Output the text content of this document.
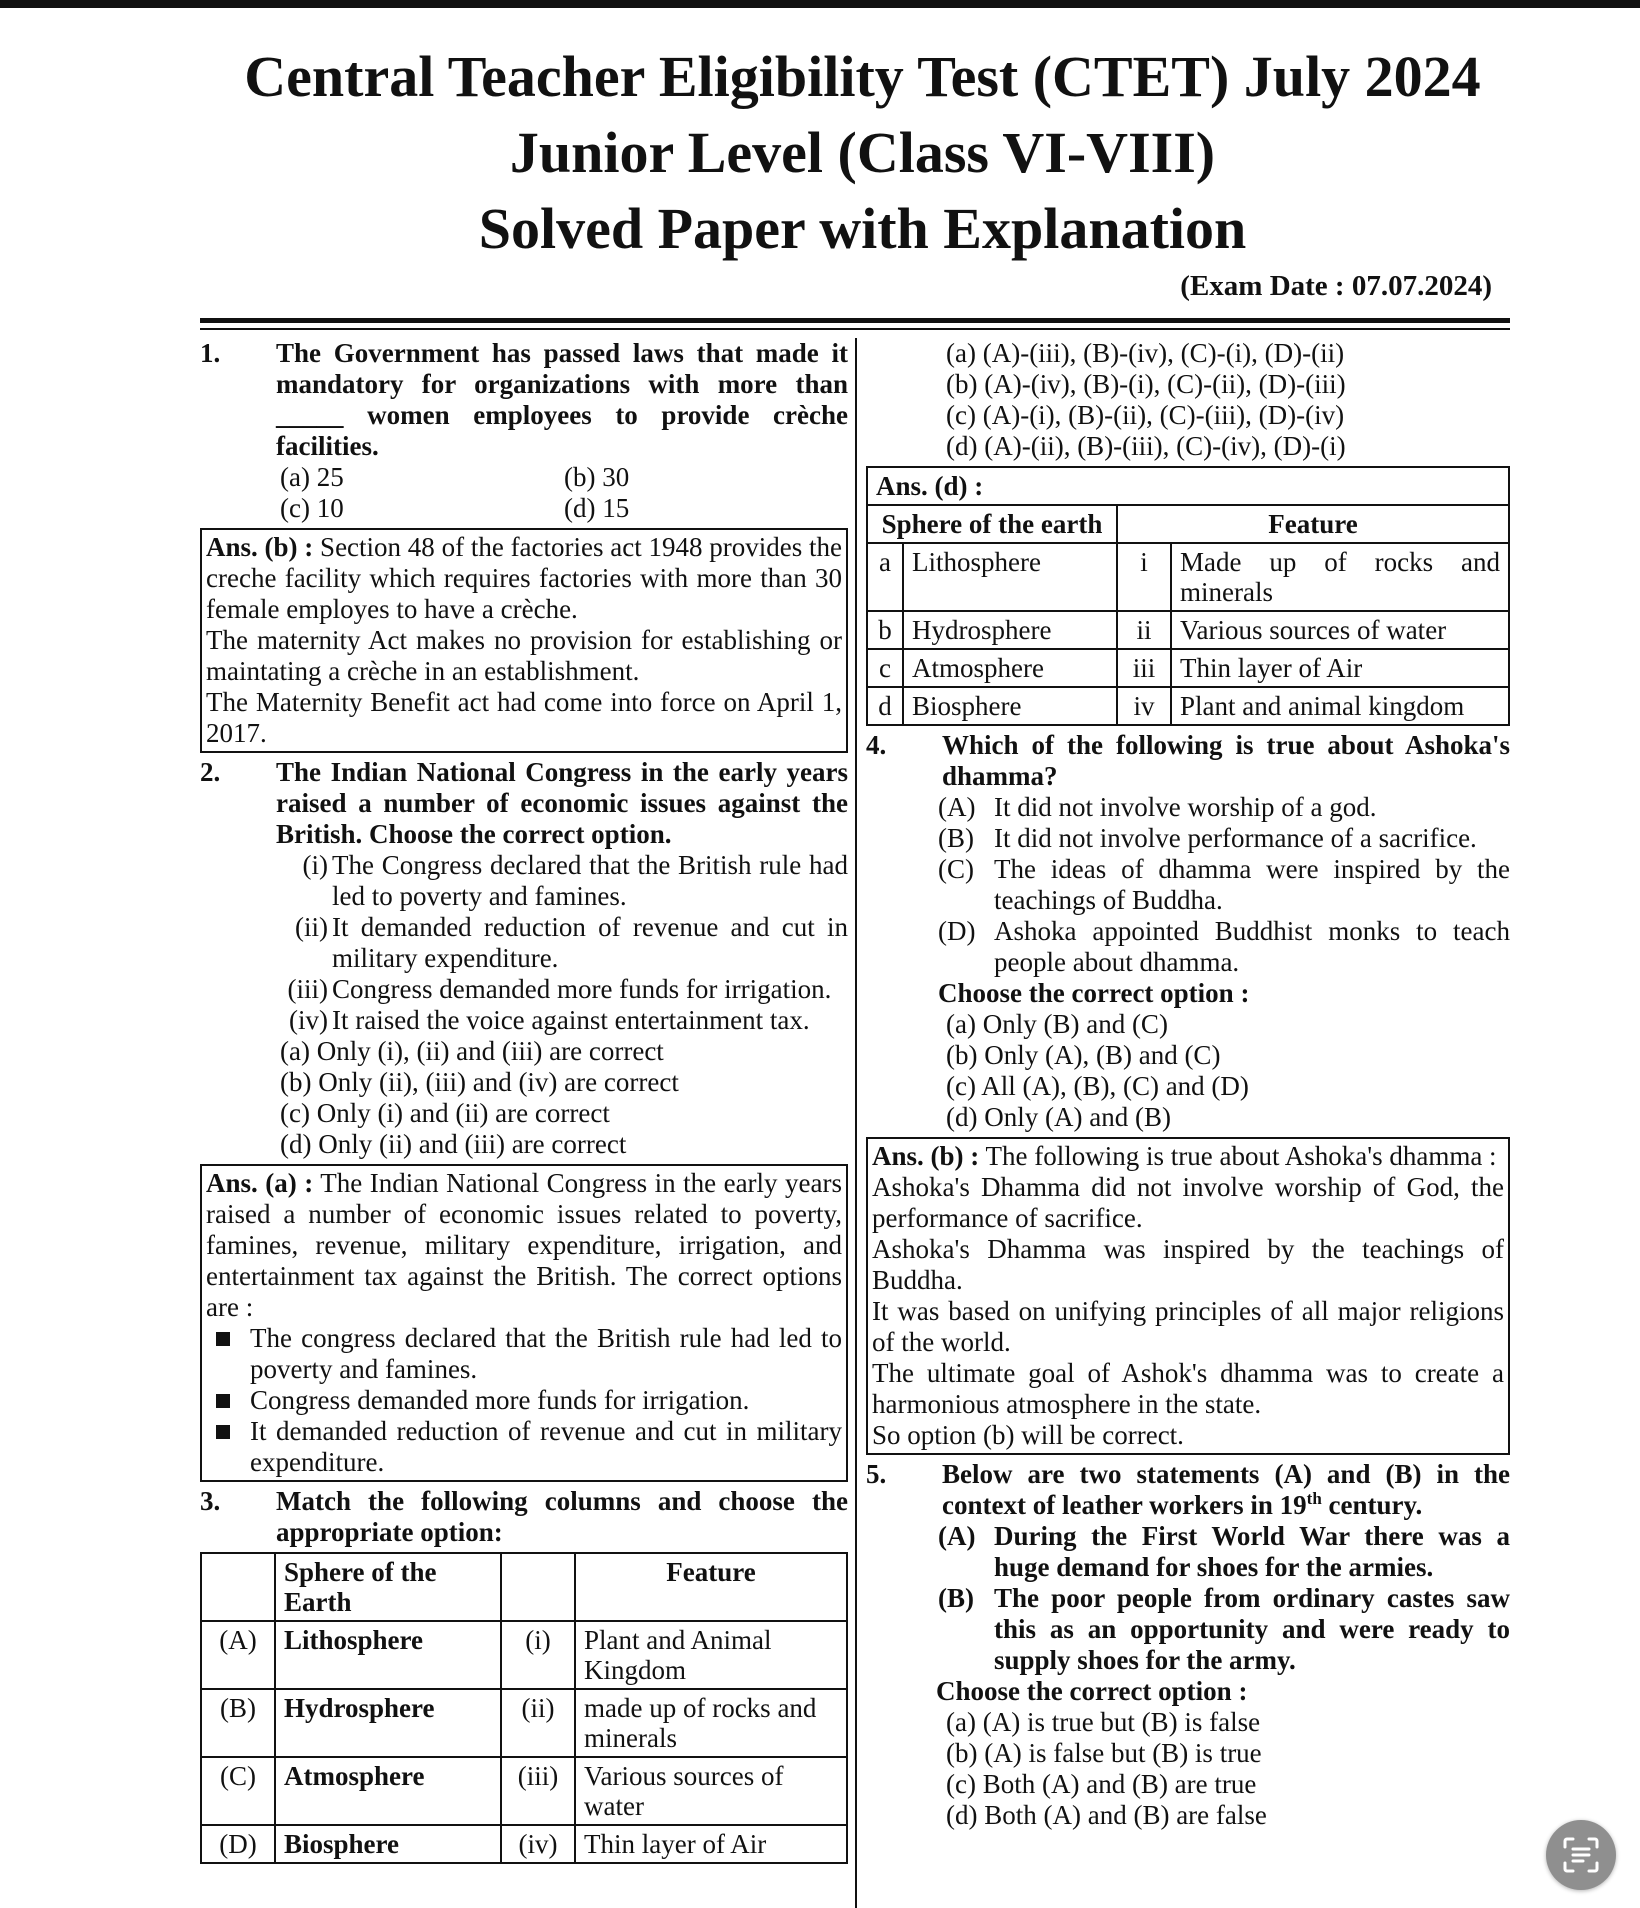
Central Teacher Eligibility Test (CTET) July 2024
Junior Level (Class VI-VIII)
Solved Paper with Explanation
(Exam Date : 07.07.2024)
1. The Government has passed laws that made it mandatory for organizations with more than _____ women employees to provide crèche facilities.
(a) 25	(b) 30
(c) 10	(d) 15
Ans. (b) : Section 48 of the factories act 1948 provides the creche facility which requires factories with more than 30 female employes to have a crèche.
The maternity Act makes no provision for establishing or maintating a crèche in an establishment.
The Maternity Benefit act had come into force on April 1, 2017.
2. The Indian National Congress in the early years raised a number of economic issues against the British. Choose the correct option.
(i) The Congress declared that the British rule had led to poverty and famines.
(ii) It demanded reduction of revenue and cut in military expenditure.
(iii) Congress demanded more funds for irrigation.
(iv) It raised the voice against entertainment tax.
(a) Only (i), (ii) and (iii) are correct
(b) Only (ii), (iii) and (iv) are correct
(c) Only (i) and (ii) are correct
(d) Only (ii) and (iii) are correct
Ans. (a) : The Indian National Congress in the early years raised a number of economic issues related to poverty, famines, revenue, military expenditure, irrigation, and entertainment tax against the British. The correct options are :
The congress declared that the British rule had led to poverty and famines.
Congress demanded more funds for irrigation.
It demanded reduction of revenue and cut in military expenditure.
3. Match the following columns and choose the appropriate option:
	Sphere of the Earth		Feature
(A)	Lithosphere	(i)	Plant and Animal Kingdom
(B)	Hydrosphere	(ii)	made up of rocks and minerals
(C)	Atmosphere	(iii)	Various sources of water
(D)	Biosphere	(iv)	Thin layer of Air
(a) (A)-(iii), (B)-(iv), (C)-(i), (D)-(ii)
(b) (A)-(iv), (B)-(i), (C)-(ii), (D)-(iii)
(c) (A)-(i), (B)-(ii), (C)-(iii), (D)-(iv)
(d) (A)-(ii), (B)-(iii), (C)-(iv), (D)-(i)
Ans. (d) :			
Sphere of the earth		Feature	
a	Lithosphere	i	Made up of rocks and minerals
b	Hydrosphere	ii	Various sources of water
c	Atmosphere	iii	Thin layer of Air
d	Biosphere	iv	Plant and animal kingdom
4. Which of the following is true about Ashoka's dhamma?
(A) It did not involve worship of a god.
(B) It did not involve performance of a sacrifice.
(C) The ideas of dhamma were inspired by the teachings of Buddha.
(D) Ashoka appointed Buddhist monks to teach people about dhamma.
Choose the correct option :
(a) Only (B) and (C)
(b) Only (A), (B) and (C)
(c) All (A), (B), (C) and (D)
(d) Only (A) and (B)
Ans. (b) : The following is true about Ashoka's dhamma :
Ashoka's Dhamma did not involve worship of God, the performance of sacrifice.
Ashoka's Dhamma was inspired by the teachings of Buddha.
It was based on unifying principles of all major religions of the world.
The ultimate goal of Ashok's dhamma was to create a harmonious atmosphere in the state.
So option (b) will be correct.
5. Below are two statements (A) and (B) in the context of leather workers in 19th century.
(A) During the First World War there was a huge demand for shoes for the armies.
(B) The poor people from ordinary castes saw this as an opportunity and were ready to supply shoes for the army.
Choose the correct option :
(a) (A) is true but (B) is false
(b) (A) is false but (B) is true
(c) Both (A) and (B) are true
(d) Both (A) and (B) are false
